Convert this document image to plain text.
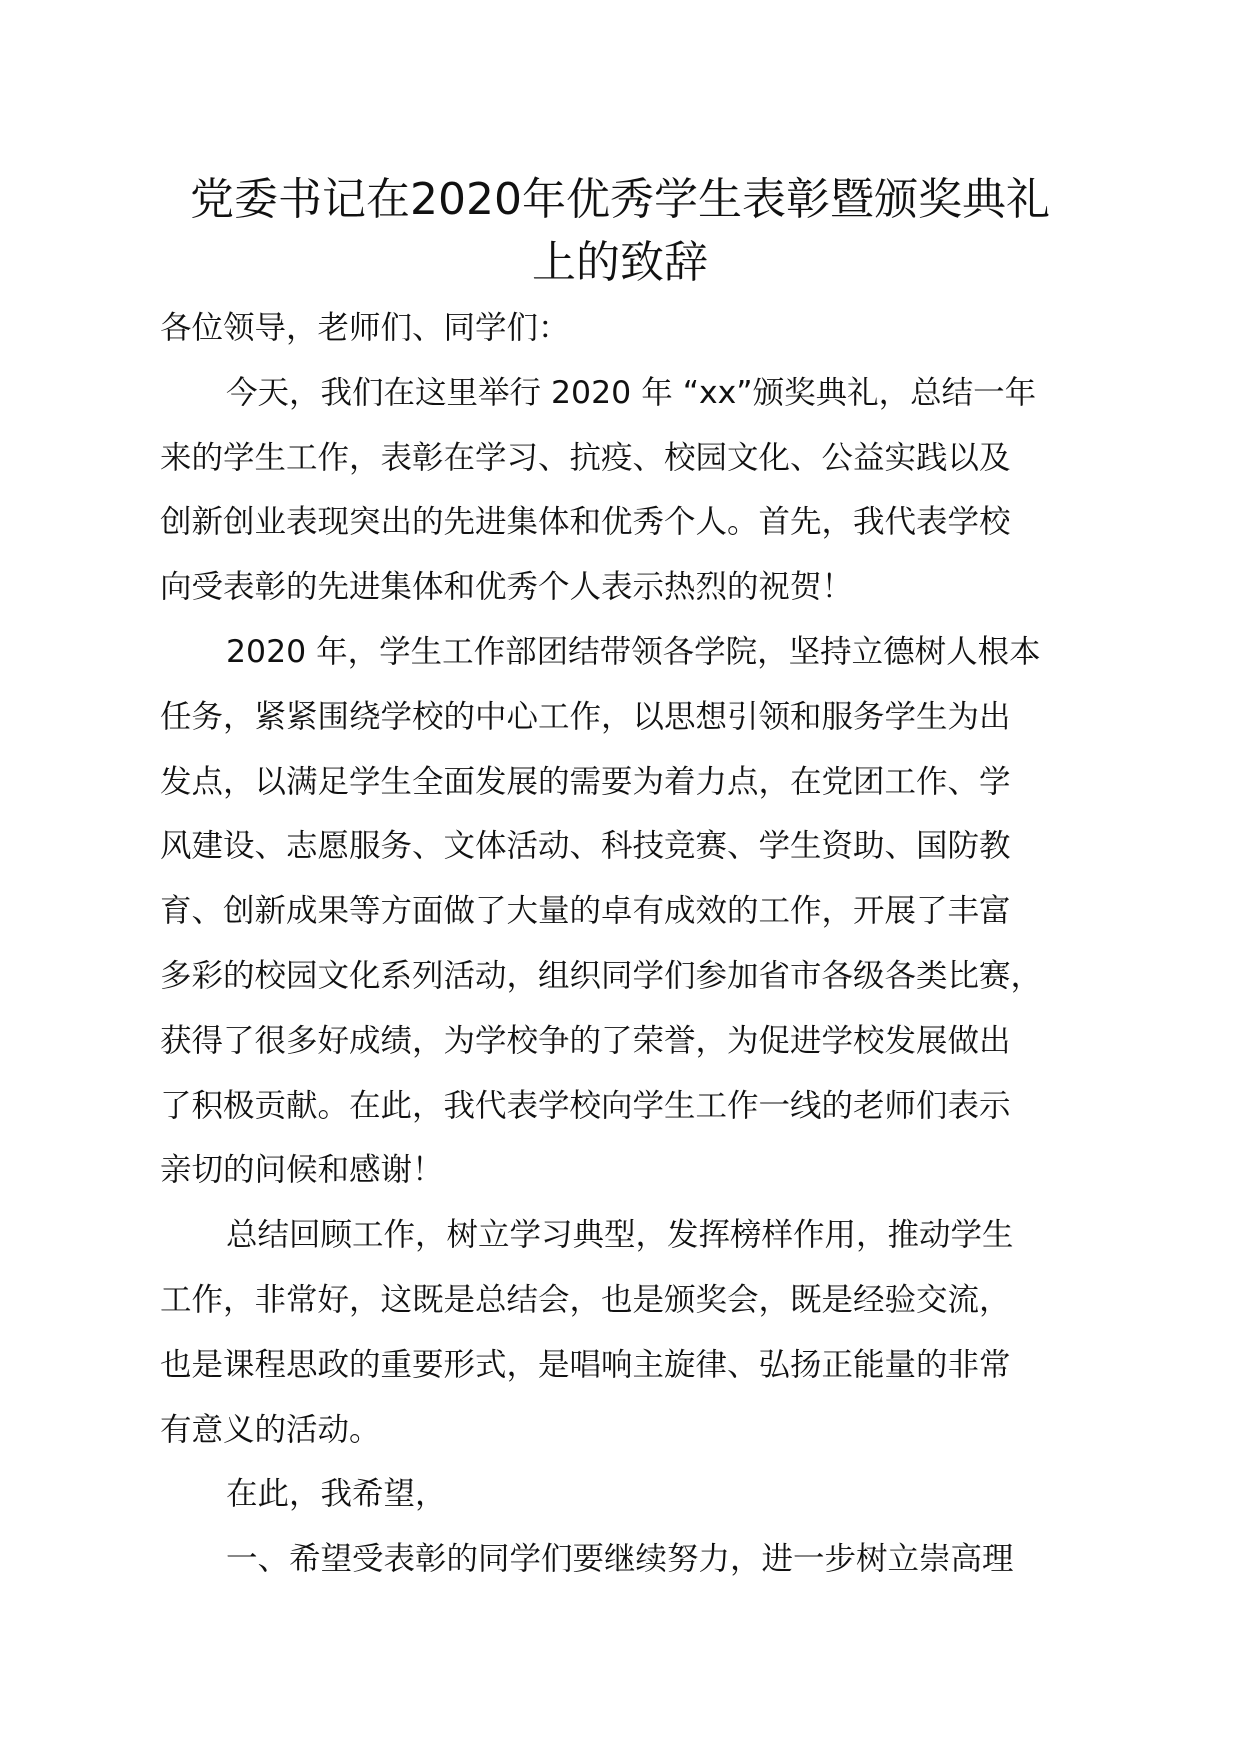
党委书记在2020年优秀学生表彰暨颁奖典礼
上的致辞

各位领导，老师们、同学们：

今天，我们在这里举行 2020 年 “xx”颁奖典礼，总结一年
来的学生工作，表彰在学习、抗疫、校园文化、公益实践以及
创新创业表现突出的先进集体和优秀个人。首先，我代表学校
向受表彰的先进集体和优秀个人表示热烈的祝贺！

2020 年，学生工作部团结带领各学院，坚持立德树人根本
任务，紧紧围绕学校的中心工作，以思想引领和服务学生为出
发点，以满足学生全面发展的需要为着力点，在党团工作、学
风建设、志愿服务、文体活动、科技竞赛、学生资助、国防教
育、创新成果等方面做了大量的卓有成效的工作，开展了丰富
多彩的校园文化系列活动，组织同学们参加省市各级各类比赛，
获得了很多好成绩，为学校争的了荣誉，为促进学校发展做出
了积极贡献。在此，我代表学校向学生工作一线的老师们表示
亲切的问候和感谢！

总结回顾工作，树立学习典型，发挥榜样作用，推动学生
工作，非常好，这既是总结会，也是颁奖会，既是经验交流，
也是课程思政的重要形式，是唱响主旋律、弘扬正能量的非常
有意义的活动。

在此，我希望，

一、希望受表彰的同学们要继续努力，进一步树立崇高理
